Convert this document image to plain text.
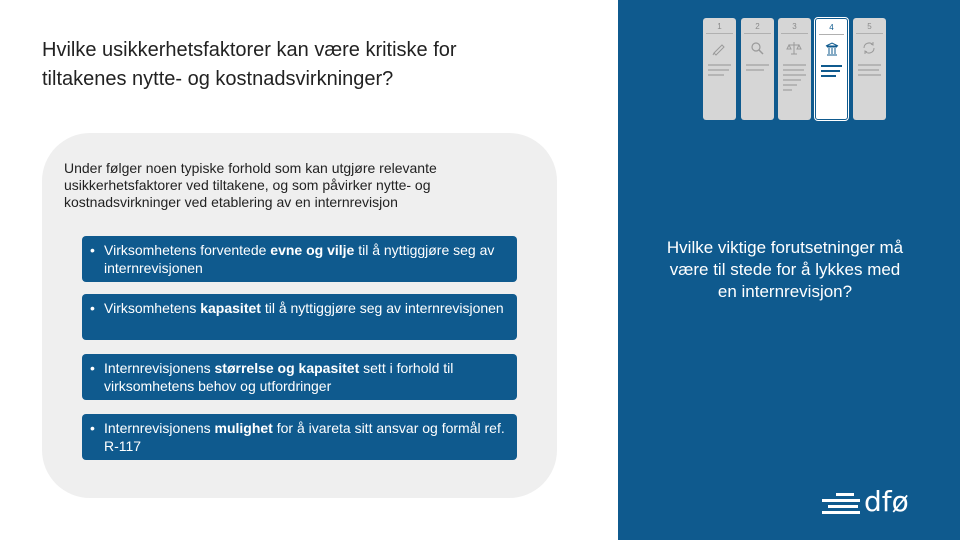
Hvilke usikkerhetsfaktorer kan være kritiske for
tiltakenes nytte- og kostnadsvirkninger?
Under følger noen typiske forhold som kan utgjøre relevante usikkerhetsfaktorer ved tiltakene, og som påvirker nytte- og kostnadsvirkninger ved etablering av en internrevisjon
• Virksomhetens forventede evne og vilje til å nyttiggjøre seg av internrevisjonen
• Virksomhetens kapasitet til å nyttiggjøre seg av internrevisjonen
• Internrevisjonens størrelse og kapasitet sett i forhold til virksomhetens behov og utfordringer
• Internrevisjonens mulighet for å ivareta sitt ansvar og formål ref. R-117
1	2	3	4	5
Hvilke viktige forutsetninger må være til stede for å lykkes med en internrevisjon?
dfø
